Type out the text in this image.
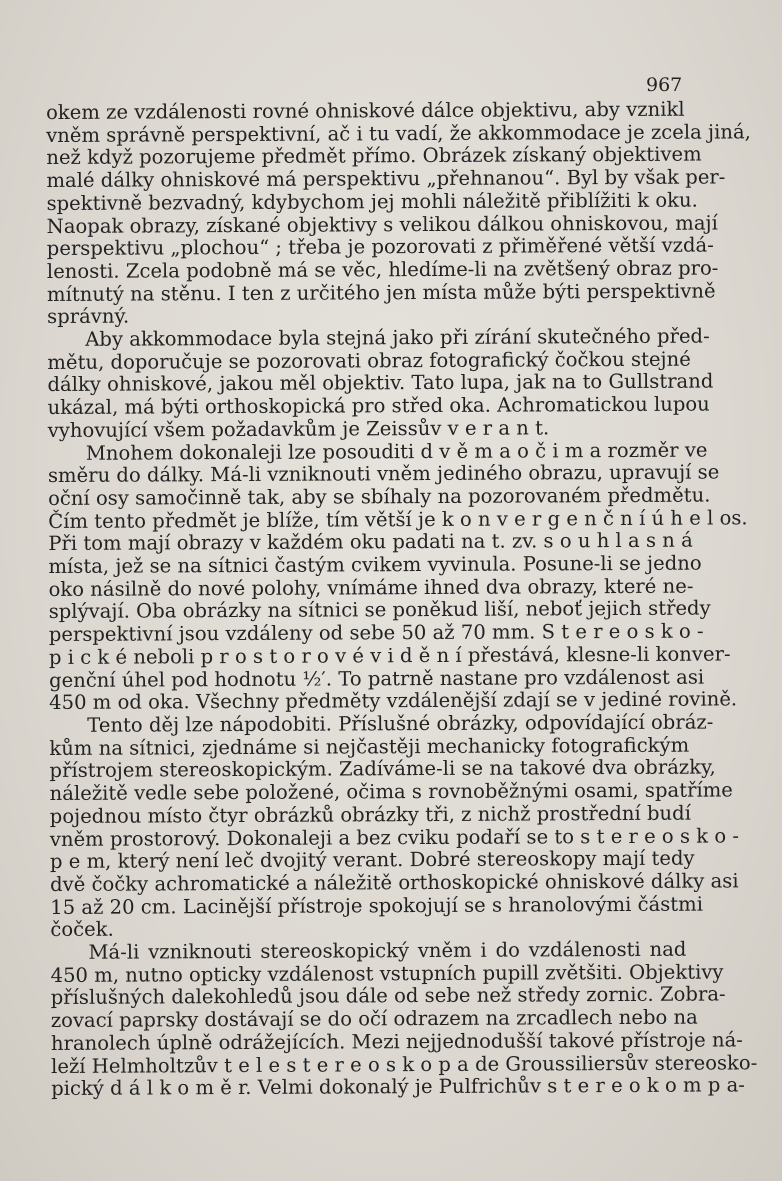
967
okem ze vzdálenosti rovné ohniskové dálce objektivu, aby vznikl
vněm správně perspektivní, ač i tu vadí, že akkommodace je zcela jiná,
než když pozorujeme předmět přímo. Obrázek získaný objektivem
malé dálky ohniskové má perspektivu „přehnanou“. Byl by však per-
spektivně bezvadný, kdybychom jej mohli náležitě přiblížiti k oku.
Naopak obrazy, získané objektivy s velikou dálkou ohniskovou, mají
perspektivu „plochou“ ; třeba je pozorovati z přiměřené větší vzdá-
lenosti. Zcela podobně má se věc, hledíme-li na zvětšený obraz pro-
mítnutý na stěnu. I ten z určitého jen místa může býti perspektivně
správný.
Aby akkommodace byla stejná jako při zírání skutečného před-
mětu, doporučuje se pozorovati obraz fotografický čočkou stejné
dálky ohniskové, jakou měl objektiv. Tato lupa, jak na to Gullstrand
ukázal, má býti orthoskopická pro střed oka. Achromatickou lupou
vyhovující všem požadavkům je Zeissův v e r a n t.
Mnohem dokonaleji lze posouditi d v ě m a o č i m a rozměr ve
směru do dálky. Má-li vzniknouti vněm jediného obrazu, upravují se
oční osy samočinně tak, aby se sbíhaly na pozorovaném předmětu.
Čím tento předmět je blíže, tím větší je k o n v e r g e n č n í ú h e l os.
Při tom mají obrazy v každém oku padati na t. zv. s o u h l a s n á
místa, jež se na sítnici častým cvikem vyvinula. Posune-li se jedno
oko násilně do nové polohy, vnímáme ihned dva obrazy, které ne-
splývají. Oba obrázky na sítnici se poněkud liší, neboť jejich středy
perspektivní jsou vzdáleny od sebe 50 až 70 mm. S t e r e o s k o -
p i c k é neboli p r o s t o r o v é v i d ě n í přestává, klesne-li konver-
genční úhel pod hodnotu ½′. To patrně nastane pro vzdálenost asi
450 m od oka. Všechny předměty vzdálenější zdají se v jediné rovině.
Tento děj lze nápodobiti. Příslušné obrázky, odpovídající obráz-
kům na sítnici, zjednáme si nejčastěji mechanicky fotografickým
přístrojem stereoskopickým. Zadíváme-li se na takové dva obrázky,
náležitě vedle sebe položené, očima s rovnoběžnými osami, spatříme
pojednou místo čtyr obrázků obrázky tři, z nichž prostřední budí
vněm prostorový. Dokonaleji a bez cviku podaří se to s t e r e o s k o -
p e m, který není leč dvojitý verant. Dobré stereoskopy mají tedy
dvě čočky achromatické a náležitě orthoskopické ohniskové dálky asi
15 až 20 cm. Lacinější přístroje spokojují se s hranolovými částmi
čoček.
Má-li vzniknouti stereoskopický vněm i do vzdálenosti nad
450 m, nutno opticky vzdálenost vstupních pupill zvětšiti. Objektivy
příslušných dalekohledů jsou dále od sebe než středy zornic. Zobra-
zovací paprsky dostávají se do očí odrazem na zrcadlech nebo na
hranolech úplně odrážejících. Mezi nejjednodušší takové přístroje ná-
leží Helmholtzův t e l e s t e r e o s k o p a de Groussiliersův stereosko-
pický d á l k o m ě r. Velmi dokonalý je Pulfrichův s t e r e o k o m p a-
